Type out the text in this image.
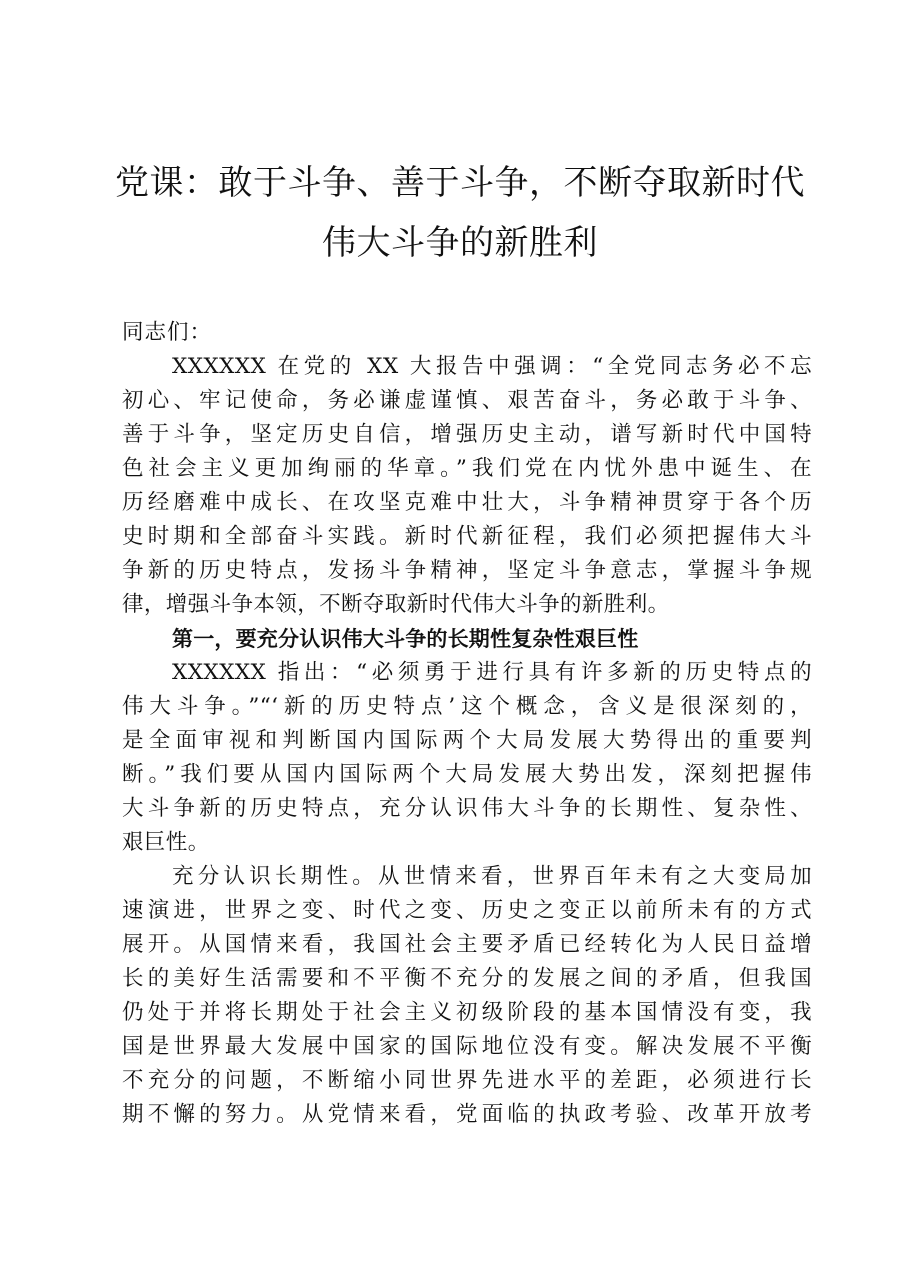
党课：敢于斗争、善于斗争，不断夺取新时代
伟大斗争的新胜利
同志们：
XXXXXX 在党的 XX 大报告中强调：“全党同志务必不忘
初心、牢记使命，务必谦虚谨慎、艰苦奋斗，务必敢于斗争、
善于斗争，坚定历史自信，增强历史主动，谱写新时代中国特
色社会主义更加绚丽的华章。”我们党在内忧外患中诞生、在
历经磨难中成长、在攻坚克难中壮大，斗争精神贯穿于各个历
史时期和全部奋斗实践。新时代新征程，我们必须把握伟大斗
争新的历史特点，发扬斗争精神，坚定斗争意志，掌握斗争规
律，增强斗争本领，不断夺取新时代伟大斗争的新胜利。
第一，要充分认识伟大斗争的长期性复杂性艰巨性
XXXXXX 指出：“必须勇于进行具有许多新的历史特点的
伟大斗争。”“‘新的历史特点’这个概念，含义是很深刻的，
是全面审视和判断国内国际两个大局发展大势得出的重要判
断。”我们要从国内国际两个大局发展大势出发，深刻把握伟
大斗争新的历史特点，充分认识伟大斗争的长期性、复杂性、
艰巨性。
充分认识长期性。从世情来看，世界百年未有之大变局加
速演进，世界之变、时代之变、历史之变正以前所未有的方式
展开。从国情来看，我国社会主要矛盾已经转化为人民日益增
长的美好生活需要和不平衡不充分的发展之间的矛盾，但我国
仍处于并将长期处于社会主义初级阶段的基本国情没有变，我
国是世界最大发展中国家的国际地位没有变。解决发展不平衡
不充分的问题，不断缩小同世界先进水平的差距，必须进行长
期不懈的努力。从党情来看，党面临的执政考验、改革开放考
